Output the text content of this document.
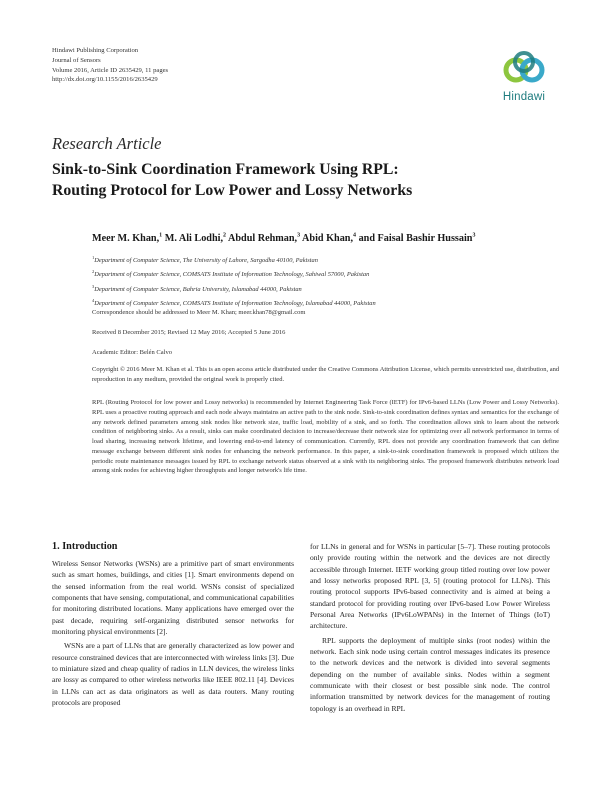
Hindawi Publishing Corporation
Journal of Sensors
Volume 2016, Article ID 2635429, 11 pages
http://dx.doi.org/10.1155/2016/2635429
Hindawi
Research Article
Sink-to-Sink Coordination Framework Using RPL:
Routing Protocol for Low Power and Lossy Networks
Meer M. Khan,$^1$ M. Ali Lodhi,$^2$ Abdul Rehman,$^3$ Abid Khan,$^4$ and Faisal Bashir Hussain$^3$
$^1$Department of Computer Science, The University of Lahore, Sargodha 40100, Pakistan
$^2$Department of Computer Science, COMSATS Institute of Information Technology, Sahiwal 57000, Pakistan
$^3$Department of Computer Science, Bahria University, Islamabad 44000, Pakistan
$^4$Department of Computer Science, COMSATS Institute of Information Technology, Islamabad 44000, Pakistan
Correspondence should be addressed to Meer M. Khan; meer.khan78@gmail.com
Received 8 December 2015; Revised 12 May 2016; Accepted 5 June 2016
Academic Editor: Belén Calvo
Copyright © 2016 Meer M. Khan et al. This is an open access article distributed under the Creative Commons Attribution License, which permits unrestricted use, distribution, and reproduction in any medium, provided the original work is properly cited.
RPL (Routing Protocol for low power and Lossy networks) is recommended by Internet Engineering Task Force (IETF) for IPv6-based LLNs (Low Power and Lossy Networks). RPL uses a proactive routing approach and each node always maintains an active path to the sink node. Sink-to-sink coordination defines syntax and semantics for the exchange of any network defined parameters among sink nodes like network size, traffic load, mobility of a sink, and so forth. The coordination allows sink to learn about the network condition of neighboring sinks. As a result, sinks can make coordinated decision to increase/decrease their network size for optimizing over all network performance in terms of load sharing, increasing network lifetime, and lowering end-to-end latency of communication. Currently, RPL does not provide any coordination framework that can define message exchange between different sink nodes for enhancing the network performance. In this paper, a sink-to-sink coordination framework is proposed which utilizes the periodic route maintenance messages issued by RPL to exchange network status observed at a sink with its neighboring sinks. The proposed framework distributes network load among sink nodes for achieving higher throughputs and longer network's life time.
1. Introduction

Wireless Sensor Networks (WSNs) are a primitive part of smart environments such as smart homes, buildings, and cities [1]. Smart environments depend on the sensed information from the real world. WSNs consist of specialized components that have sensing, computational, and communicational capabilities for monitoring distributed locations. Many applications have emerged over the past decade, requiring self-organizing distributed sensor networks for monitoring physical environments [2].

WSNs are a part of LLNs that are generally characterized as low power and resource constrained devices that are interconnected with wireless links [3]. Due to miniature sized and cheap quality of radios in LLN devices, the wireless links are lossy as compared to other wireless networks like IEEE 802.11 [4]. Devices in LLNs can act as data originators as well as data routers. Many routing protocols are proposed

for LLNs in general and for WSNs in particular [5–7]. These routing protocols only provide routing within the network and the devices are not directly accessible through Internet. IETF working group titled routing over low power and lossy networks proposed RPL [3, 5] (routing protocol for LLNs). This routing protocol supports IPv6-based connectivity and is aimed at being a standard protocol for providing routing over IPv6-based Low Power Wireless Personal Area Networks (IPv6LoWPANs) in the Internet of Things (IoT) architecture.

RPL supports the deployment of multiple sinks (root nodes) within the network. Each sink node using certain control messages indicates its presence to the network devices and the network is divided into several segments depending on the number of available sinks. Nodes within a segment communicate with their closest or best possible sink node. The control information transmitted by network devices for the management of routing topology is an overhead in RPL
